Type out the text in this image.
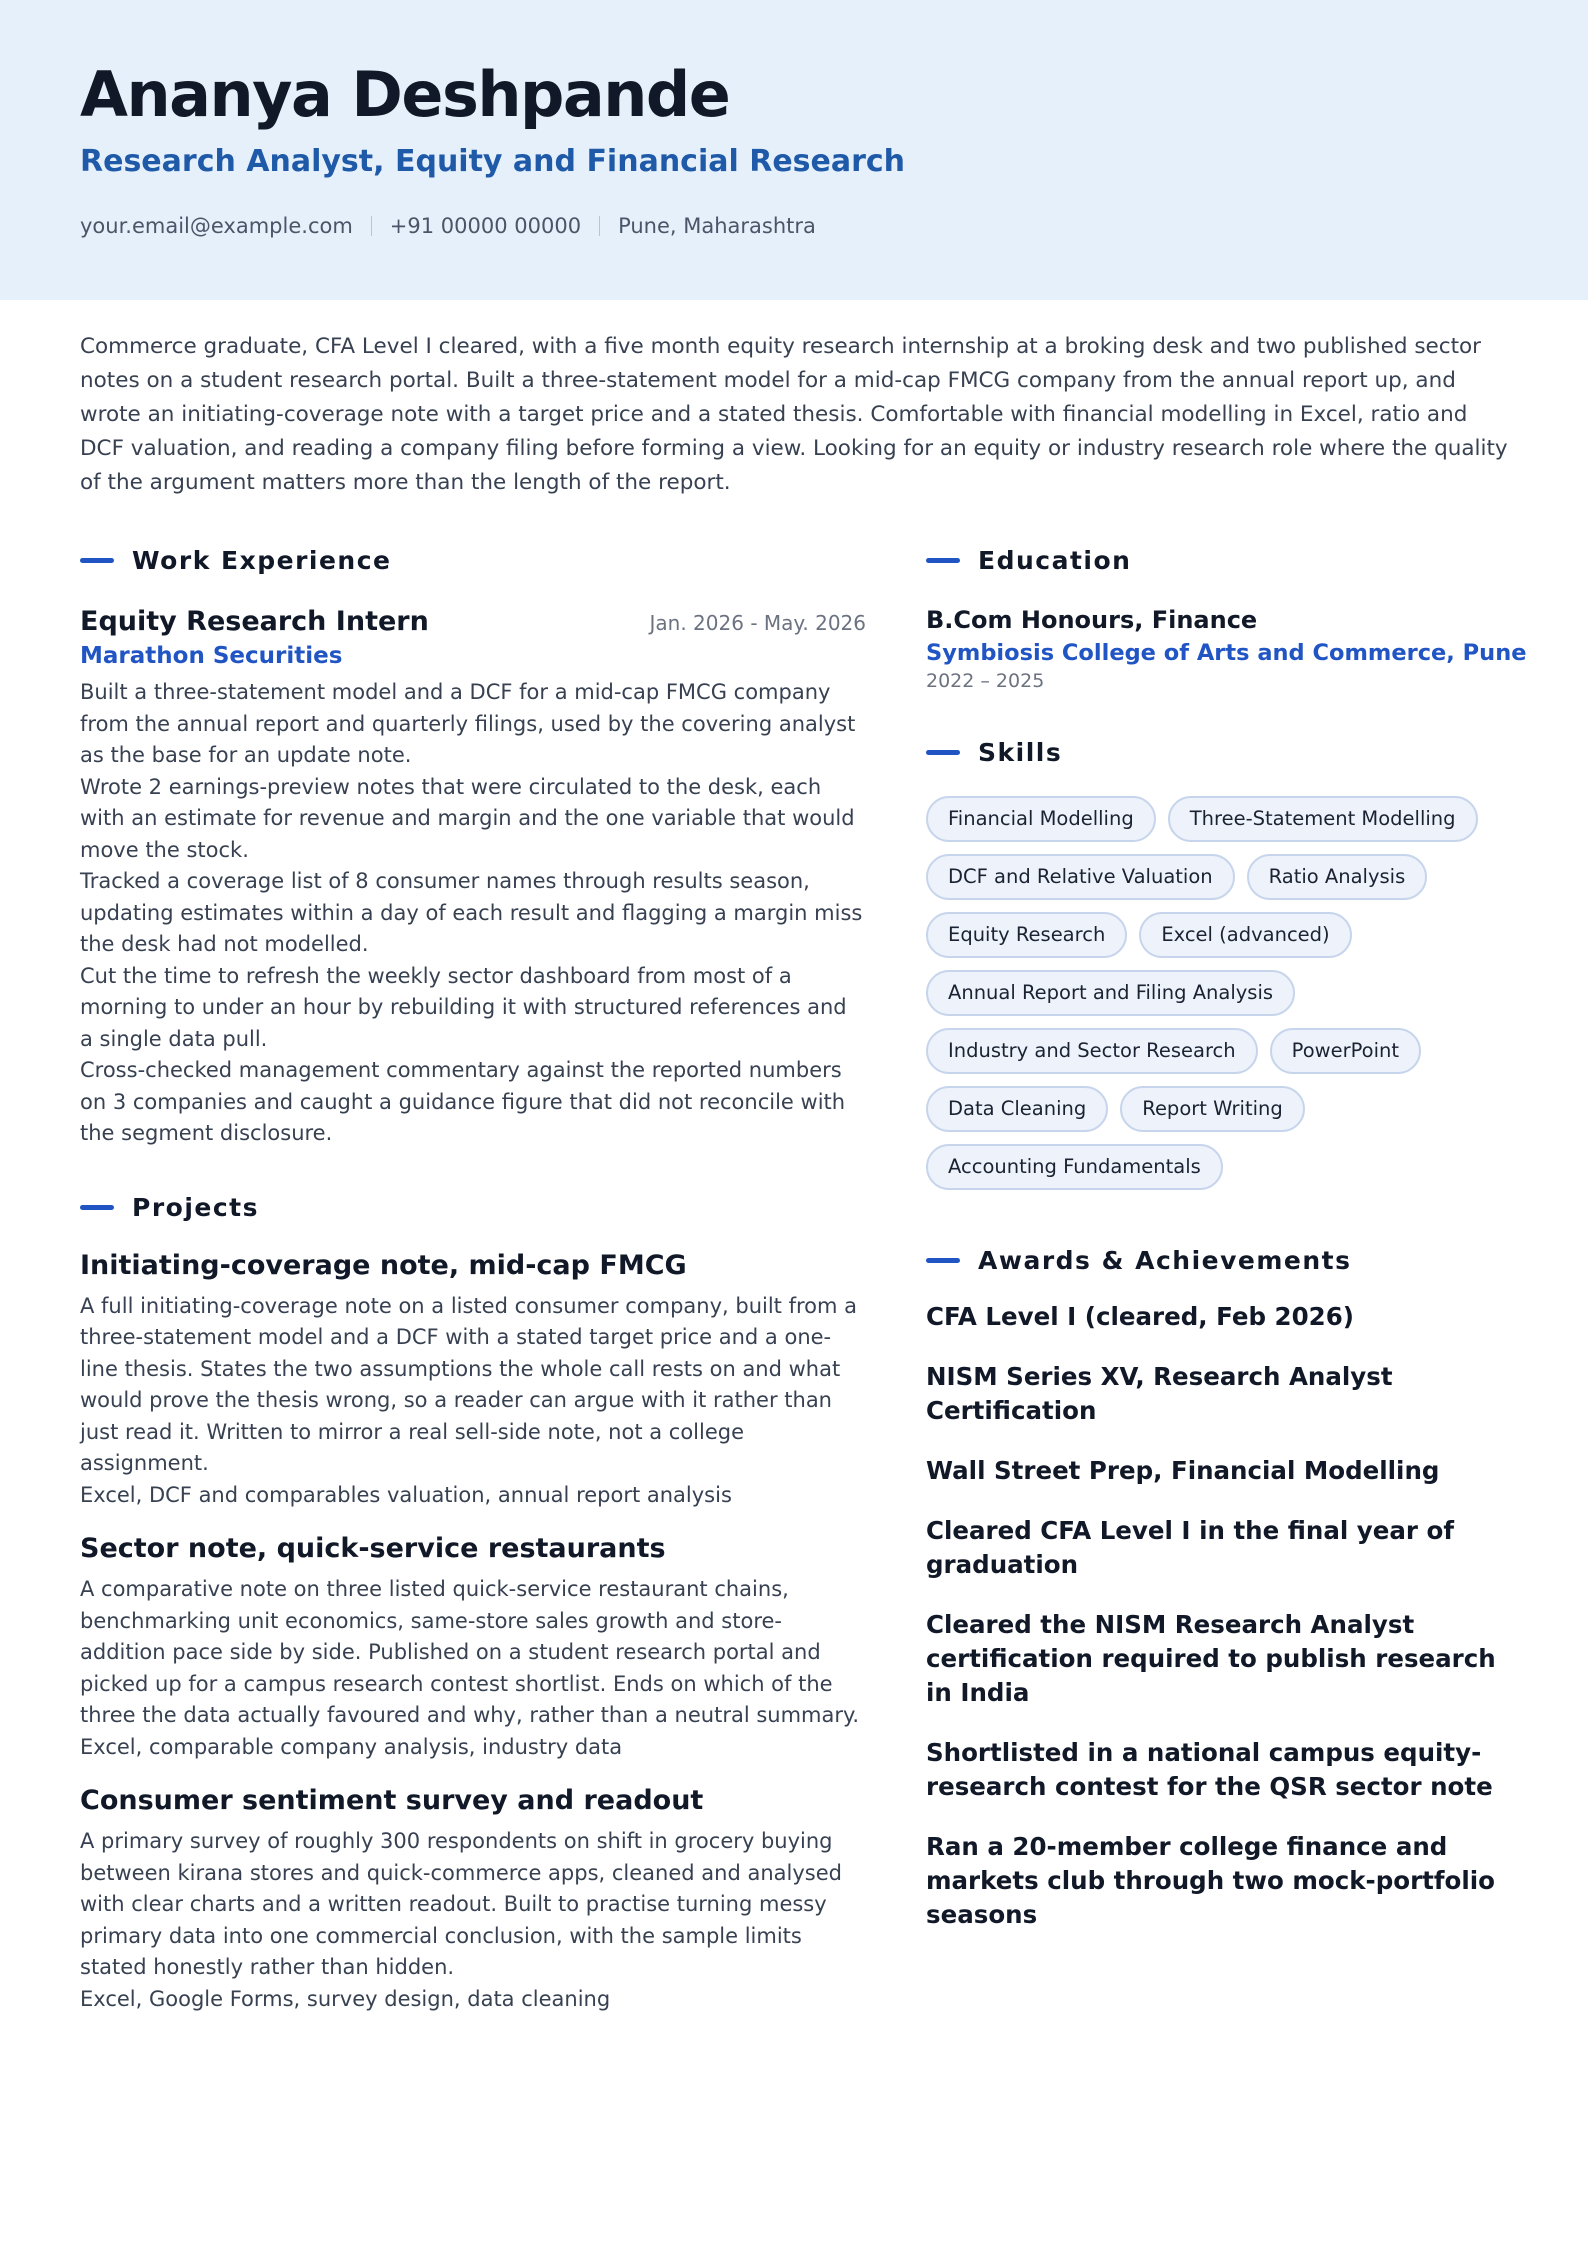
Ananya Deshpande
Research Analyst, Equity and Financial Research
your.email@example.com +91 00000 00000 Pune, Maharashtra
Commerce graduate, CFA Level I cleared, with a five month equity research internship at a broking desk and two published sector notes on a student research portal. Built a three-statement model for a mid-cap FMCG company from the annual report up, and wrote an initiating-coverage note with a target price and a stated thesis. Comfortable with financial modelling in Excel, ratio and DCF valuation, and reading a company filing before forming a view. Looking for an equity or industry research role where the quality of the argument matters more than the length of the report.
Work Experience
Equity Research Intern	Jan. 2026 - May. 2026
Marathon Securities
Built a three-statement model and a DCF for a mid-cap FMCG company from the annual report and quarterly filings, used by the covering analyst as the base for an update note.
Wrote 2 earnings-preview notes that were circulated to the desk, each with an estimate for revenue and margin and the one variable that would move the stock.
Tracked a coverage list of 8 consumer names through results season, updating estimates within a day of each result and flagging a margin miss the desk had not modelled.
Cut the time to refresh the weekly sector dashboard from most of a morning to under an hour by rebuilding it with structured references and a single data pull.
Cross-checked management commentary against the reported numbers on 3 companies and caught a guidance figure that did not reconcile with the segment disclosure.
Projects
Initiating-coverage note, mid-cap FMCG
A full initiating-coverage note on a listed consumer company, built from a three-statement model and a DCF with a stated target price and a one-line thesis. States the two assumptions the whole call rests on and what would prove the thesis wrong, so a reader can argue with it rather than just read it. Written to mirror a real sell-side note, not a college assignment.
Excel, DCF and comparables valuation, annual report analysis
Sector note, quick-service restaurants
A comparative note on three listed quick-service restaurant chains, benchmarking unit economics, same-store sales growth and store-addition pace side by side. Published on a student research portal and picked up for a campus research contest shortlist. Ends on which of the three the data actually favoured and why, rather than a neutral summary.
Excel, comparable company analysis, industry data
Consumer sentiment survey and readout
A primary survey of roughly 300 respondents on shift in grocery buying between kirana stores and quick-commerce apps, cleaned and analysed with clear charts and a written readout. Built to practise turning messy primary data into one commercial conclusion, with the sample limits stated honestly rather than hidden.
Excel, Google Forms, survey design, data cleaning
Education
B.Com Honours, Finance
Symbiosis College of Arts and Commerce, Pune
2022 – 2025
Skills
Financial Modelling	Three-Statement Modelling
DCF and Relative Valuation	Ratio Analysis
Equity Research	Excel (advanced)
Annual Report and Filing Analysis
Industry and Sector Research	PowerPoint
Data Cleaning	Report Writing
Accounting Fundamentals
Awards & Achievements
CFA Level I (cleared, Feb 2026)
NISM Series XV, Research Analyst Certification
Wall Street Prep, Financial Modelling
Cleared CFA Level I in the final year of graduation
Cleared the NISM Research Analyst certification required to publish research in India
Shortlisted in a national campus equity-research contest for the QSR sector note
Ran a 20-member college finance and markets club through two mock-portfolio seasons
